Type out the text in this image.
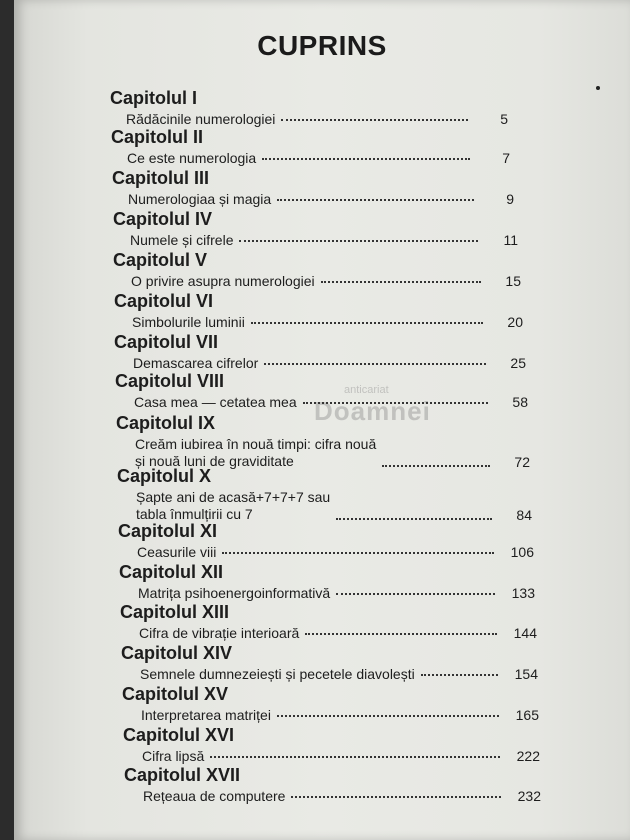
CUPRINS
anticariat
Doamnei
Capitolul I
Rădăcinile numerologiei	5
Capitolul II
Ce este numerologia	7
Capitolul III
Numerologiaa și magia	9
Capitolul IV
Numele și cifrele	11
Capitolul V
O privire asupra numerologiei	15
Capitolul VI
Simbolurile luminii	20
Capitolul VII
Demascarea cifrelor	25
Capitolul VIII
Casa mea — cetatea mea	58
Capitolul IX
Creăm iubirea în nouă timpi: cifra nouă
și nouă luni de graviditate	72
Capitolul X
Șapte ani de acasă+7+7+7 sau
tabla înmulțirii cu 7	84
Capitolul XI
Ceasurile viii	106
Capitolul XII
Matrița psihoenergoinformativă	133
Capitolul XIII
Cifra de vibrație interioară	144
Capitolul XIV
Semnele dumnezeiești și pecetele diavolești	154
Capitolul XV
Interpretarea matriței	165
Capitolul XVI
Cifra lipsă	222
Capitolul XVII
Rețeaua de computere	232
